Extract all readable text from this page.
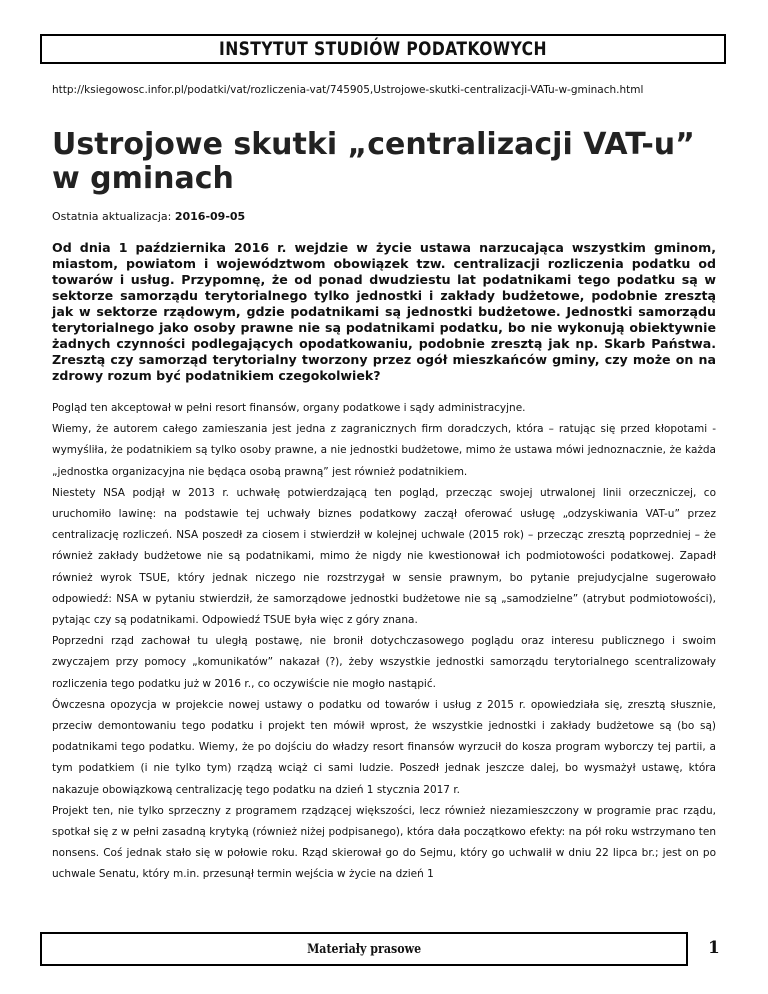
INSTYTUT STUDIÓW PODATKOWYCH
http://ksiegowosc.infor.pl/podatki/vat/rozliczenia-vat/745905,Ustrojowe-skutki-centralizacji-VATu-w-gminach.html
Ustrojowe skutki „centralizacji VAT-u” w gminach
Ostatnia aktualizacja: 2016-09-05

Od dnia 1 października 2016 r. wejdzie w życie ustawa narzucająca wszystkim gminom, miastom, powiatom i województwom obowiązek tzw. centralizacji rozliczenia podatku od towarów i usług. Przypomnę, że od ponad dwudziestu lat podatnikami tego podatku są w sektorze samorządu terytorialnego tylko jednostki i zakłady budżetowe, podobnie zresztą jak w sektorze rządowym, gdzie podatnikami są jednostki budżetowe. Jednostki samorządu terytorialnego jako osoby prawne nie są podatnikami podatku, bo nie wykonują obiektywnie żadnych czynności podlegających opodatkowaniu, podobnie zresztą jak np. Skarb Państwa. Zresztą czy samorząd terytorialny tworzony przez ogół mieszkańców gminy, czy może on na zdrowy rozum być podatnikiem czegokolwiek?

Pogląd ten akceptował w pełni resort finansów, organy podatkowe i sądy administracyjne.

Wiemy, że autorem całego zamieszania jest jedna z zagranicznych firm doradczych, która – ratując się przed kłopotami - wymyśliła, że podatnikiem są tylko osoby prawne, a nie jednostki budżetowe, mimo że ustawa mówi jednoznacznie, że każda „jednostka organizacyjna nie będąca osobą prawną” jest również podatnikiem.

Niestety NSA podjął w 2013 r. uchwałę potwierdzającą ten pogląd, przecząc swojej utrwalonej linii orzeczniczej, co uruchomiło lawinę: na podstawie tej uchwały biznes podatkowy zaczął oferować usługę „odzyskiwania VAT-u” przez centralizację rozliczeń. NSA poszedł za ciosem i stwierdził w kolejnej uchwale (2015 rok) – przecząc zresztą poprzedniej – że również zakłady budżetowe nie są podatnikami, mimo że nigdy nie kwestionował ich podmiotowości podatkowej. Zapadł również wyrok TSUE, który jednak niczego nie rozstrzygał w sensie prawnym, bo pytanie prejudycjalne sugerowało odpowiedź: NSA w pytaniu stwierdził, że samorządowe jednostki budżetowe nie są „samodzielne” (atrybut podmiotowości), pytając czy są podatnikami. Odpowiedź TSUE była więc z góry znana.

Poprzedni rząd zachował tu uległą postawę, nie bronił dotychczasowego poglądu oraz interesu publicznego i swoim zwyczajem przy pomocy „komunikatów” nakazał (?), żeby wszystkie jednostki samorządu terytorialnego scentralizowały rozliczenia tego podatku już w 2016 r., co oczywiście nie mogło nastąpić.

Ówczesna opozycja w projekcie nowej ustawy o podatku od towarów i usług z 2015 r. opowiedziała się, zresztą słusznie, przeciw demontowaniu tego podatku i projekt ten mówił wprost, że wszystkie jednostki i zakłady budżetowe są (bo są) podatnikami tego podatku. Wiemy, że po dojściu do władzy resort finansów wyrzucił do kosza program wyborczy tej partii, a tym podatkiem (i nie tylko tym) rządzą wciąż ci sami ludzie. Poszedł jednak jeszcze dalej, bo wysmażył ustawę, która nakazuje obowiązkową centralizację tego podatku na dzień 1 stycznia 2017 r.

Projekt ten, nie tylko sprzeczny z programem rządzącej większości, lecz również niezamieszczony w programie prac rządu, spotkał się z w pełni zasadną krytyką (również niżej podpisanego), która dała początkowo efekty: na pół roku wstrzymano ten nonsens. Coś jednak stało się w połowie roku. Rząd skierował go do Sejmu, który go uchwalił w dniu 22 lipca br.; jest on po uchwale Senatu, który m.in. przesunął termin wejścia w życie na dzień 1

Materiały prasowe	1
